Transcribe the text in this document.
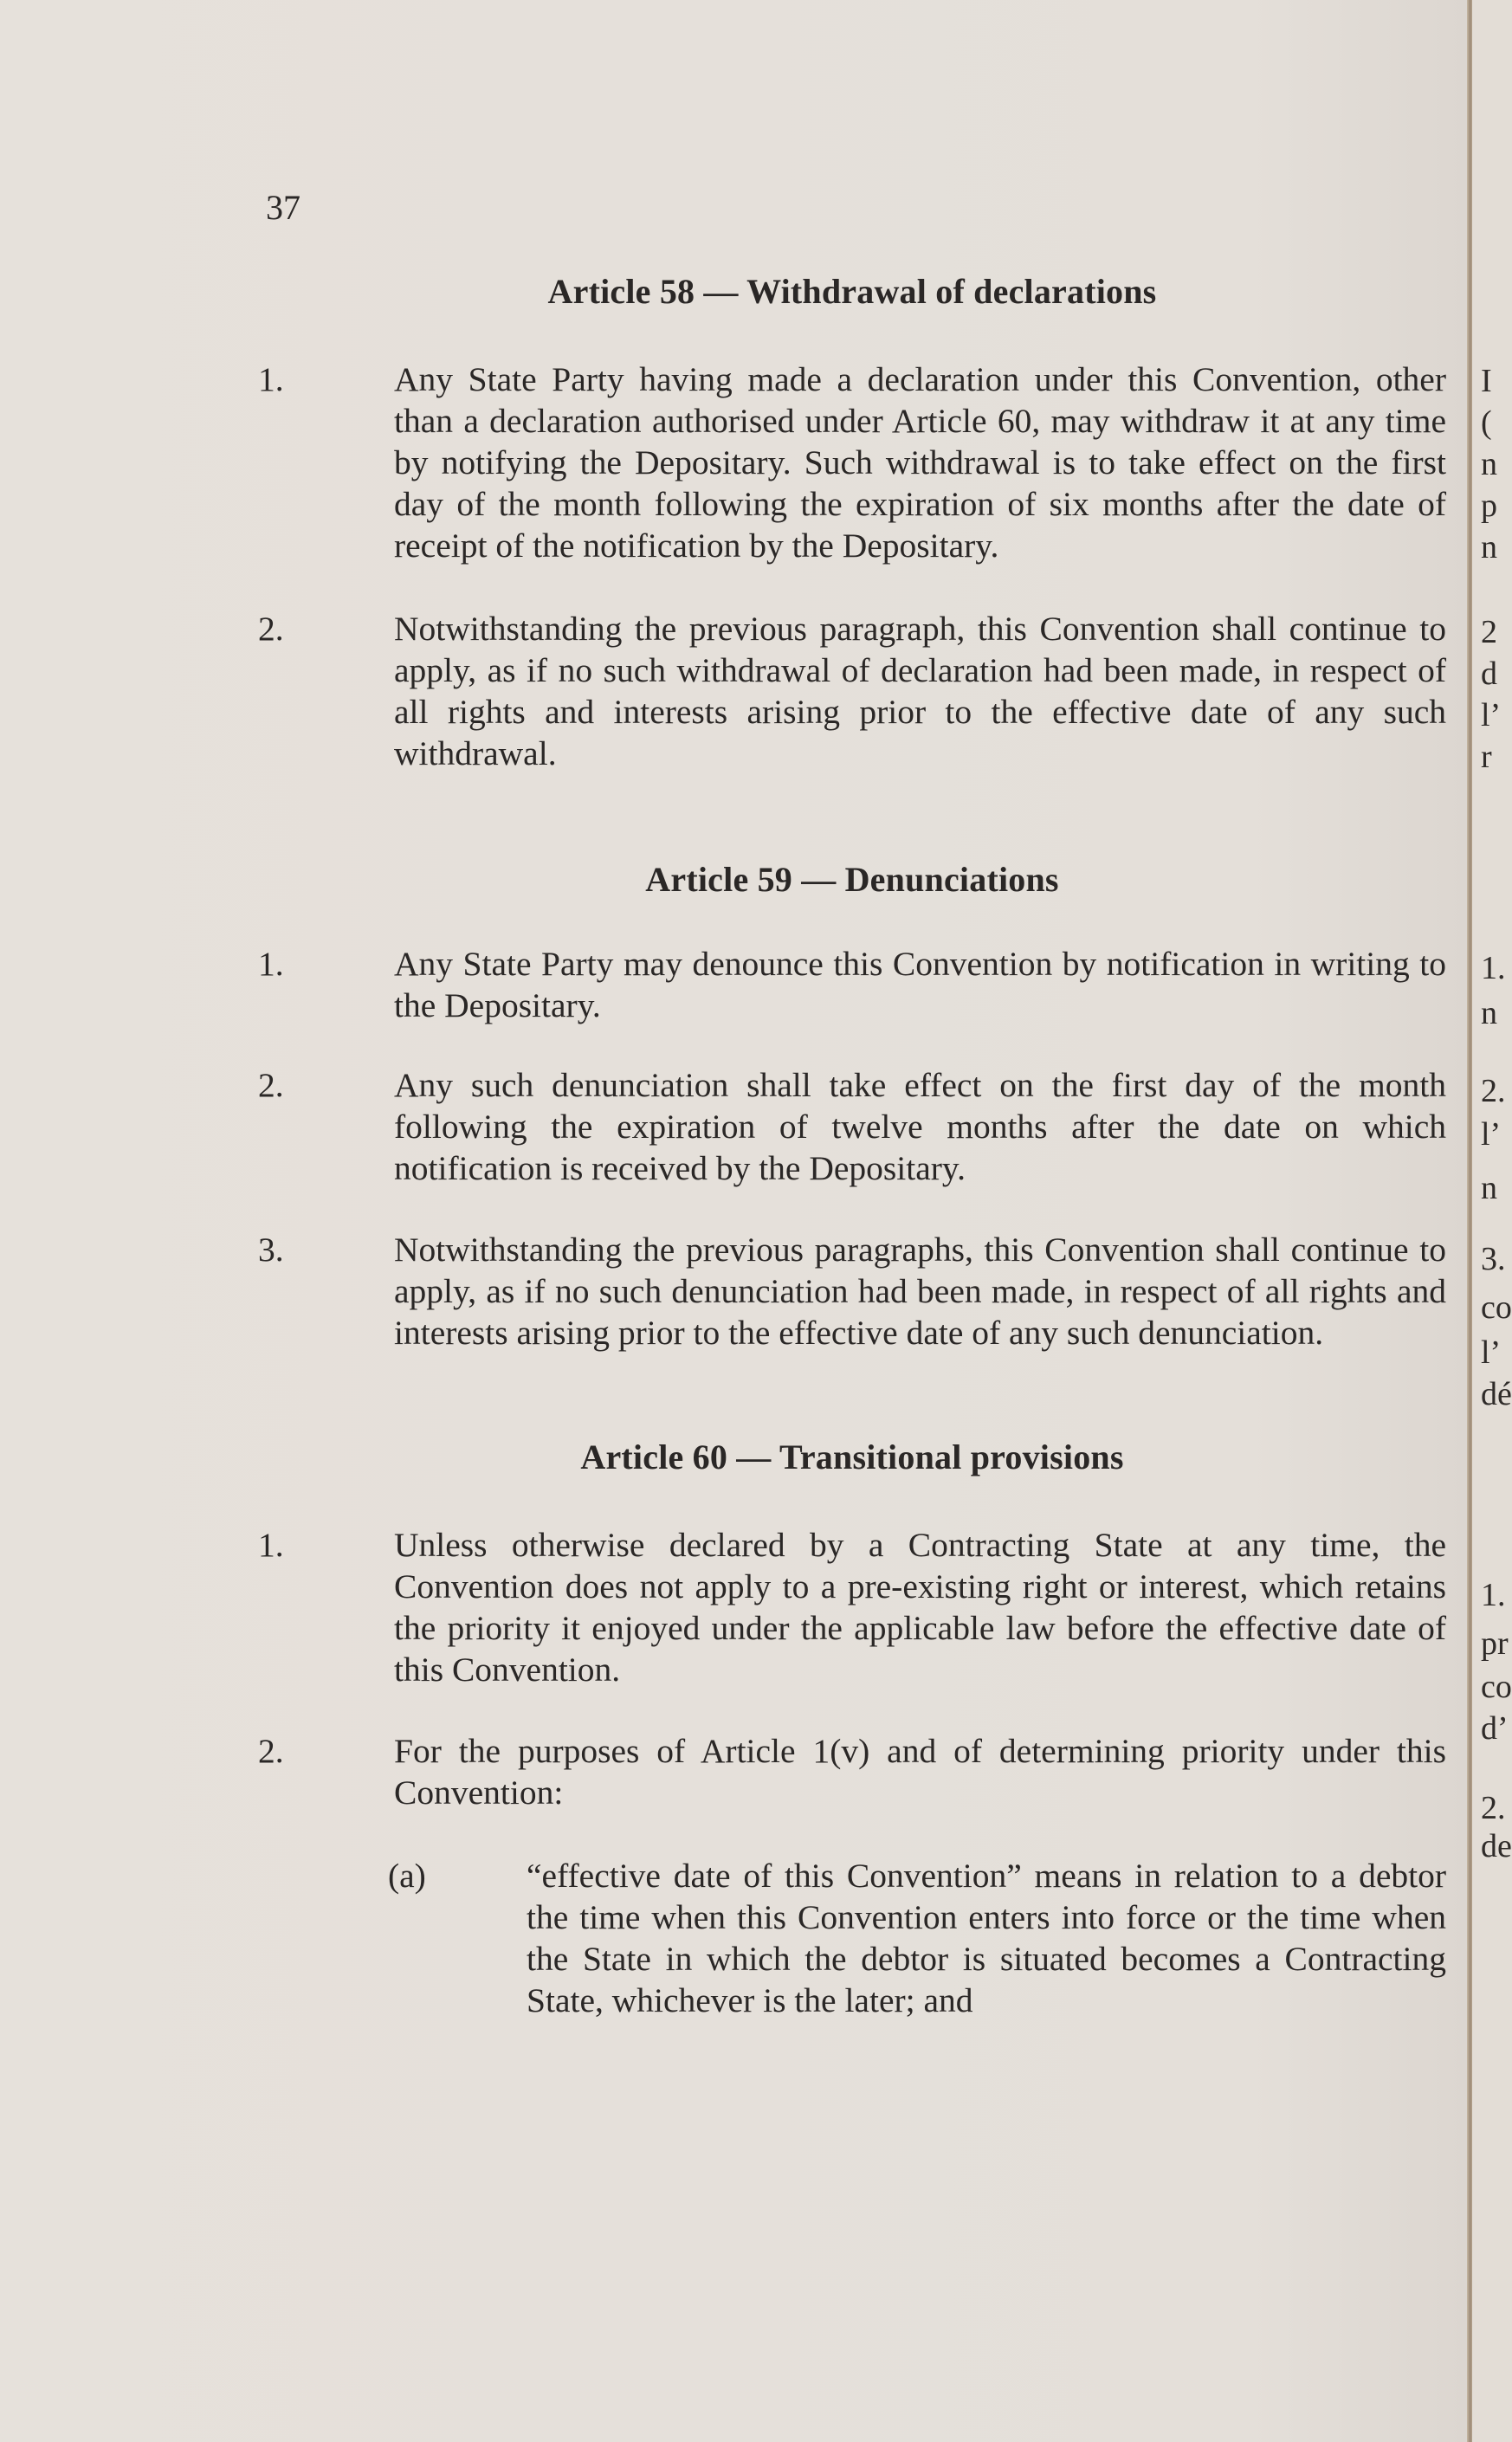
I
(
n
p
n
2
d
l’
r
1.
n
2.
l’
n
3.
co
l’
dé
1.
pr
co
d’
2.
de
37
Article 58 — Withdrawal of declarations
1.	Any State Party having made a declaration under this Convention, other than a declaration authorised under Article 60, may withdraw it at any time by notifying the Depositary. Such withdrawal is to take effect on the first day of the month following the expiration of six months after the date of receipt of the notification by the Depositary.
2.	Notwithstanding the previous paragraph, this Convention shall continue to apply, as if no such withdrawal of declaration had been made, in respect of all rights and interests arising prior to the effective date of any such withdrawal.
Article 59 — Denunciations
1.	Any State Party may denounce this Convention by notification in writing to the Depositary.
2.	Any such denunciation shall take effect on the first day of the month following the expiration of twelve months after the date on which notification is received by the Depositary.
3.	Notwithstanding the previous paragraphs, this Convention shall continue to apply, as if no such denunciation had been made, in respect of all rights and interests arising prior to the effective date of any such denunciation.
Article 60 — Transitional provisions
1.	Unless otherwise declared by a Contracting State at any time, the Convention does not apply to a pre-existing right or interest, which retains the priority it enjoyed under the applicable law before the effective date of this Convention.
2.	For the purposes of Article 1(v) and of determining priority under this Convention:
(a)	“effective date of this Convention” means in relation to a debtor the time when this Convention enters into force or the time when the State in which the debtor is situated becomes a Contracting State, whichever is the later; and
